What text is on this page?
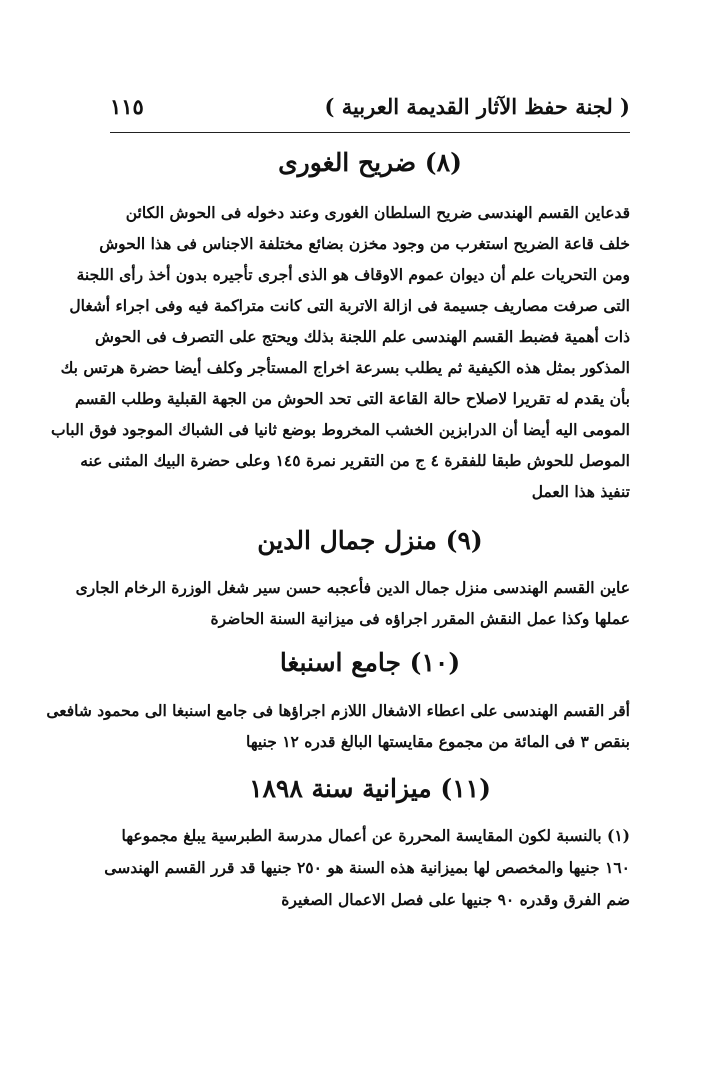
( لجنة حفظ الآثار القديمة العربية )
١١٥
(٨) ضريح الغورى
قدعاين القسم الهندسى ضريح السلطان الغورى وعند دخوله فى الحوش الكائن
خلف قاعة الضريح استغرب من وجود مخزن بضائع مختلفة الاجناس فى هذا الحوش
ومن التحريات علم أن ديوان عموم الاوقاف هو الذى أجرى تأجيره بدون أخذ رأى اللجنة
التى صرفت مصاريف جسيمة فى ازالة الاتربة التى كانت متراكمة فيه وفى اجراء أشغال
ذات أهمية فضبط القسم الهندسى علم اللجنة بذلك ويحتج على التصرف فى الحوش
المذكور بمثل هذه الكيفية ثم يطلب بسرعة اخراج المستأجر وكلف أيضا حضرة هرتس بك
بأن يقدم له تقريرا لاصلاح حالة القاعة التى تحد الحوش من الجهة القبلية وطلب القسم
المومى اليه أيضا أن الدرابزين الخشب المخروط بوضع ثانيا فى الشباك الموجود فوق الباب
الموصل للحوش طبقا للفقرة ٤ ج من التقرير نمرة ١٤٥ وعلى حضرة البيك المثنى عنه
تنفيذ هذا العمل
(٩) منزل جمال الدين
عاين القسم الهندسى منزل جمال الدين فأعجبه حسن سير شغل الوزرة الرخام الجارى
عملها وكذا عمل النقش المقرر اجراؤه فى ميزانية السنة الحاضرة
(١٠) جامع اسنبغا
أقر القسم الهندسى على اعطاء الاشغال اللازم اجراؤها فى جامع اسنبغا الى محمود شافعى
بنقص ٣ فى المائة من مجموع مقايستها البالغ قدره ١٢ جنيها
(١١) ميزانية سنة ١٨٩٨
(١) بالنسبة لكون المقايسة المحررة عن أعمال مدرسة الطبرسية يبلغ مجموعها
١٦٠ جنيها والمخصص لها بميزانية هذه السنة هو ٢٥٠ جنيها قد قرر القسم الهندسى
ضم الفرق وقدره ٩٠ جنيها على فصل الاعمال الصغيرة
